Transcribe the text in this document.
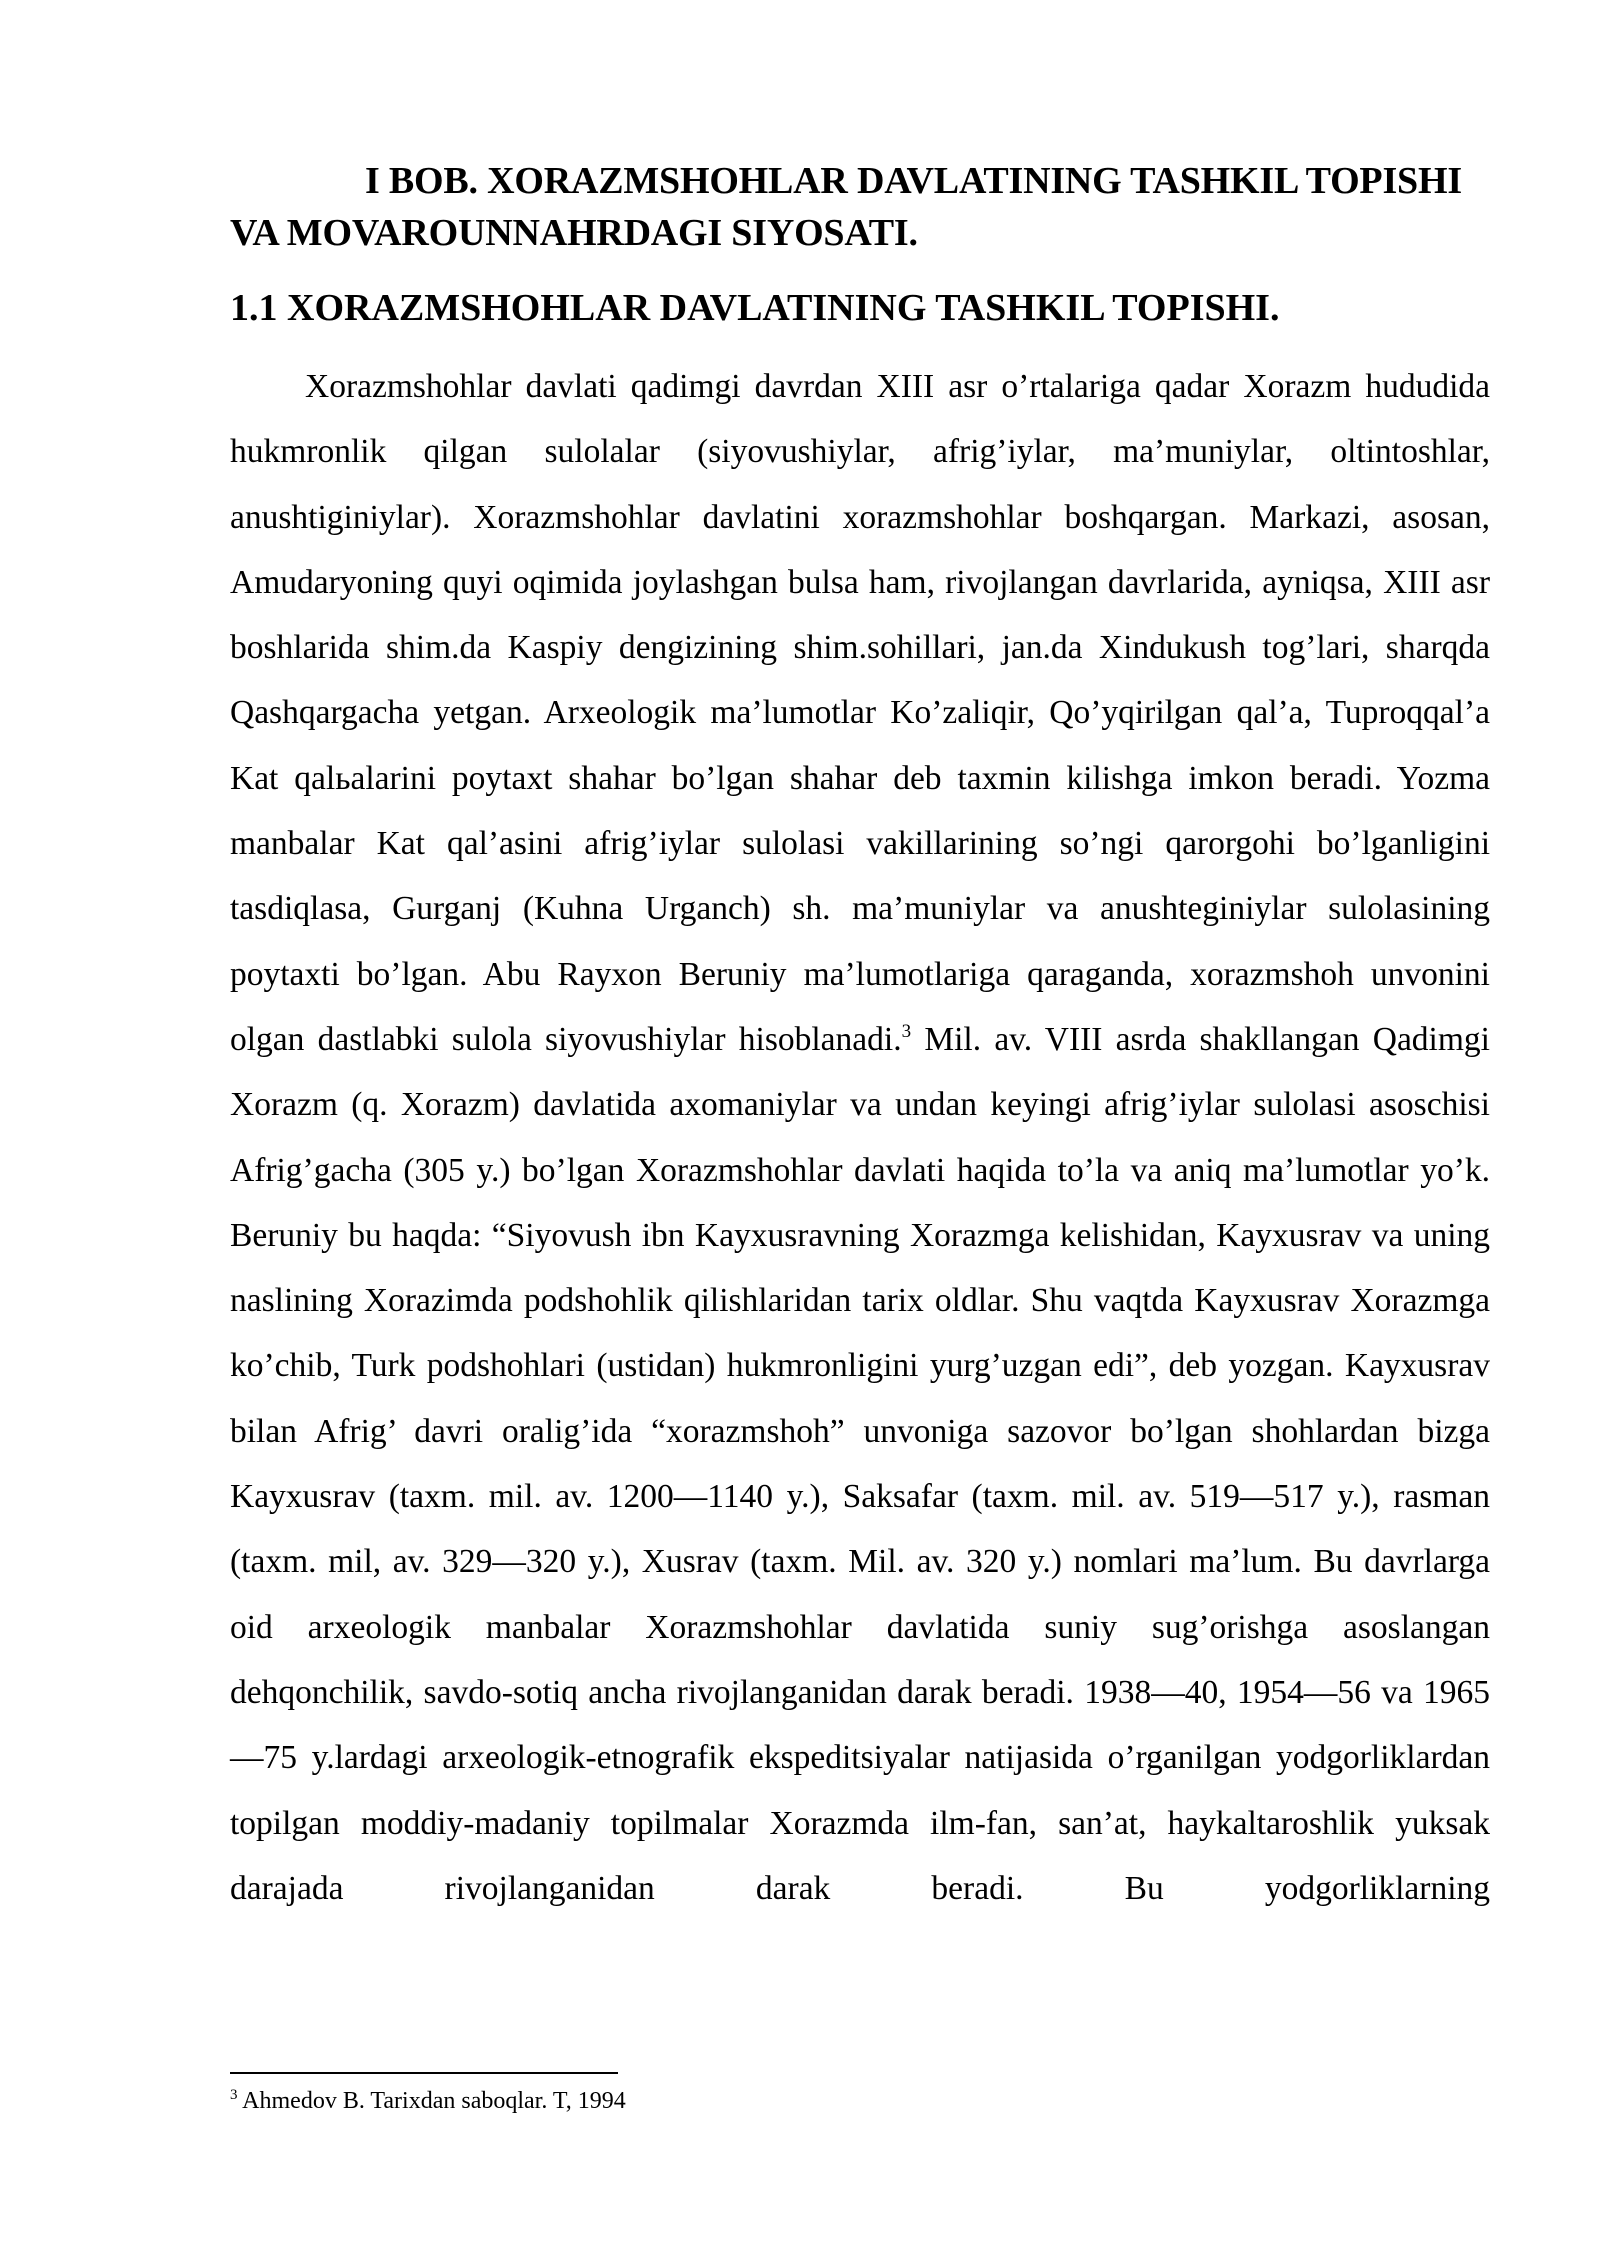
I BOB. XORAZMSHOHLAR DAVLATINING TASHKIL TOPISHI VA MOVAROUNNAHRDAGI SIYOSATI.
1.1 XORAZMSHOHLAR DAVLATINING TASHKIL TOPISHI.

Xorazmshohlar davlati qadimgi davrdan XIII asr o’rtalariga qadar Xorazm hududida hukmronlik qilgan sulolalar (siyovushiylar, afrig’iylar, ma’muniylar, oltintoshlar, anushtiginiylar). Xorazmshohlar davlatini xorazmshohlar boshqargan. Markazi, asosan, Amudaryoning quyi oqimida joylashgan bulsa ham, rivojlangan davrlarida, ayniqsa, XIII asr boshlarida shim.da Kaspiy dengizining shim.sohillari, jan.da Xindukush tog’lari, sharqda Qashqargacha yetgan. Arxeologik ma’lumotlar Ko’zaliqir, Qo’yqirilgan qal’a, Tuproqqal’a Kat qalьalarini poytaxt shahar bo’lgan shahar deb taxmin kilishga imkon beradi. Yozma manbalar Kat qal’asini afrig’iylar sulolasi vakillarining so’ngi qarorgohi bo’lganligini tasdiqlasa, Gurganj (Kuhna Urganch) sh. ma’muniylar va anushteginiylar sulolasining poytaxti bo’lgan. Abu Rayxon Beruniy ma’lumotlariga qaraganda, xorazmshoh unvonini olgan dastlabki sulola siyovushiylar hisoblanadi.$^3$ Mil. av. VIII asrda shakllangan Qadimgi Xorazm (q. Xorazm) davlatida axomaniylar va undan keyingi afrig’iylar sulolasi asoschisi Afrig’gacha (305 y.) bo’lgan Xorazmshohlar davlati haqida to’la va aniq ma’lumotlar yo’k. Beruniy bu haqda: “Siyovush ibn Kayxusravning Xorazmga kelishidan, Kayxusrav va uning naslining Xorazimda podshohlik qilishlaridan tarix oldlar. Shu vaqtda Kayxusrav Xorazmga ko’chib, Turk podshohlari (ustidan) hukmronligini yurg’uzgan edi”, deb yozgan. Kayxusrav bilan Afrig’ davri oralig’ida “xorazmshoh” unvoniga sazovor bo’lgan shohlardan bizga Kayxusrav (taxm. mil. av. 1200—1140 y.), Saksafar (taxm. mil. av. 519—517 y.), rasman (taxm. mil, av. 329—320 y.), Xusrav (taxm. Mil. av. 320 y.) nomlari ma’lum. Bu davrlarga oid arxeologik manbalar Xorazmshohlar davlatida suniy sug’orishga asoslangan dehqonchilik, savdo-sotiq ancha rivojlanganidan darak beradi. 1938—40, 1954—56 va 1965—75 y.lardagi arxeologik-etnografik ekspeditsiyalar natijasida o’rganilgan yodgorliklardan topilgan moddiy-madaniy topilmalar Xorazmda ilm-fan, san’at, haykaltaroshlik yuksak darajada rivojlanganidan darak beradi. Bu yodgorliklarning

$^3$ Ahmedov B. Tarixdan saboqlar. T, 1994
